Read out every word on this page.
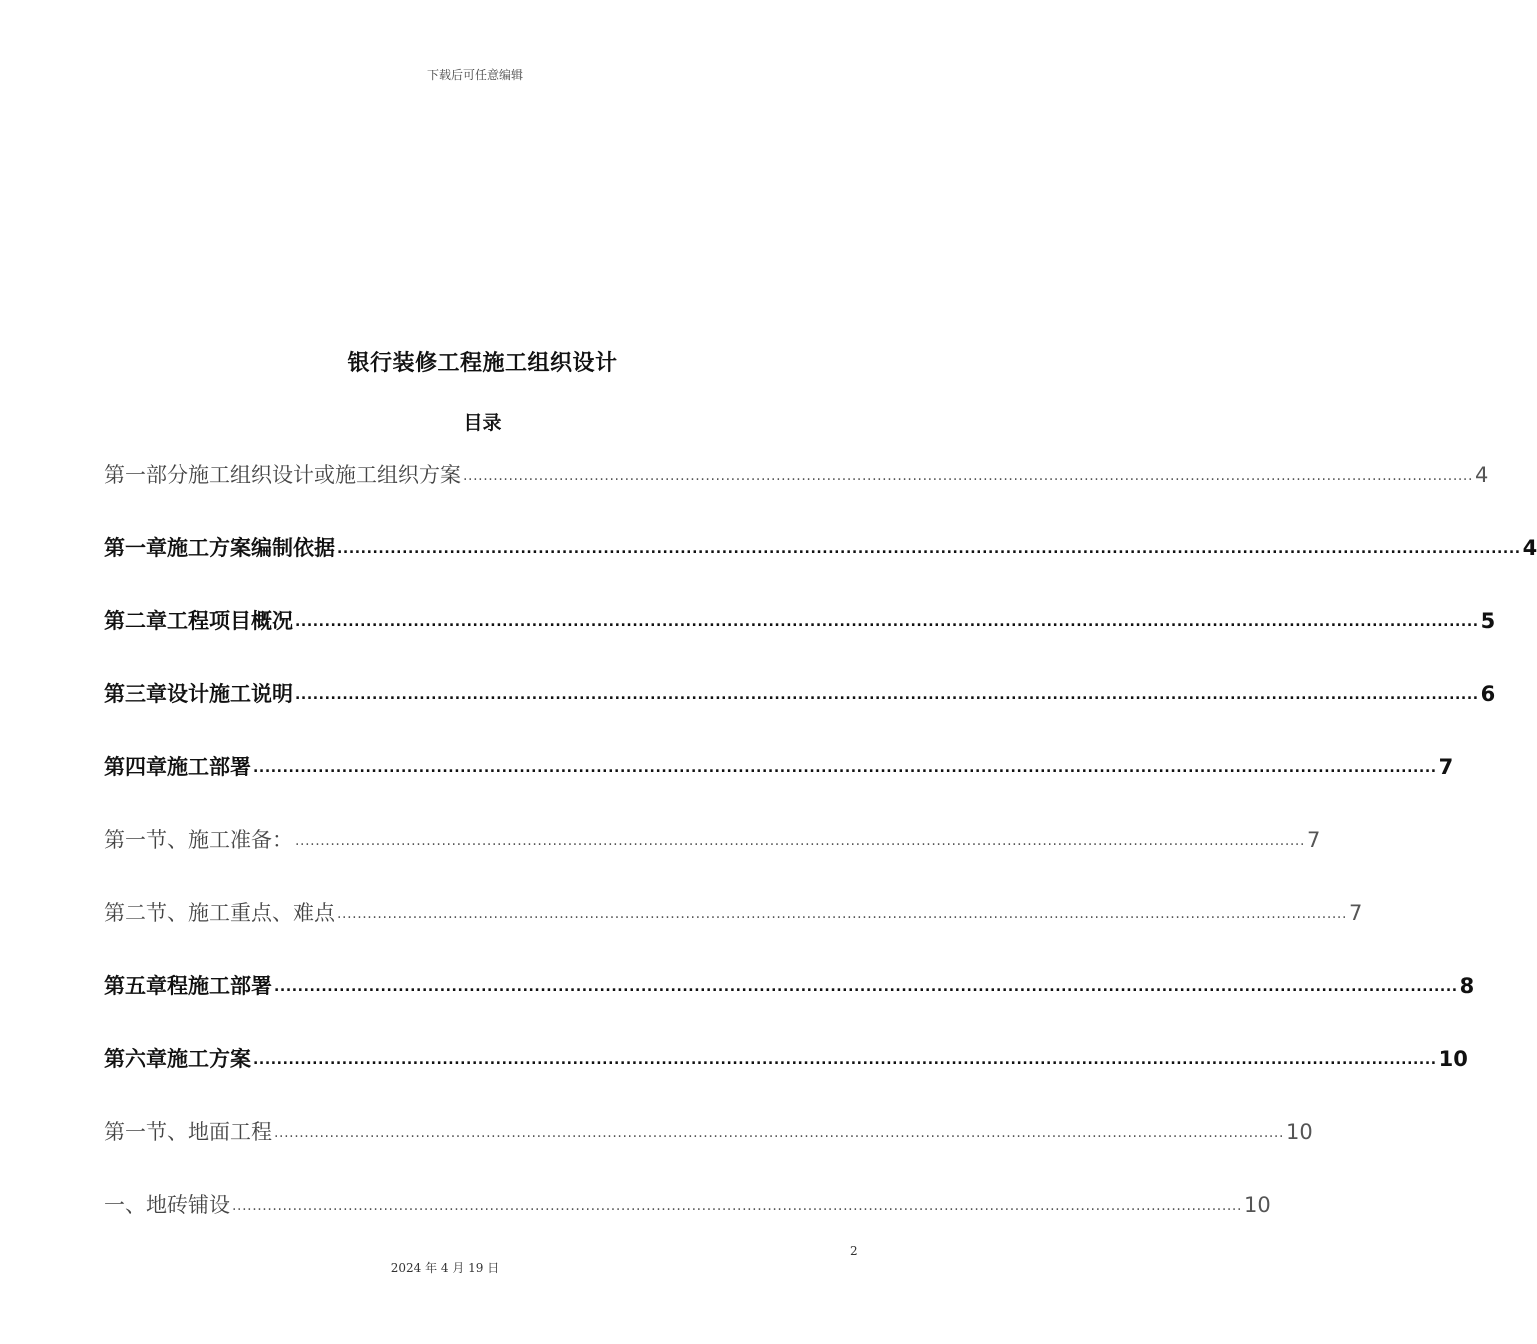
下载后可任意编辑
银行装修工程施工组织设计
目录
第一部分施工组织设计或施工组织方案 ........................................................................................................................................................................................................ 4
第一章施工方案编制依据 ........................................................................................................................................................................................................ 4
第二章工程项目概况 ........................................................................................................................................................................................................ 5
第三章设计施工说明 ........................................................................................................................................................................................................ 6
第四章施工部署 ........................................................................................................................................................................................................ 7
第一节、施工准备： ........................................................................................................................................................................................................ 7
第二节、施工重点、难点 ........................................................................................................................................................................................................ 7
第五章程施工部署 ........................................................................................................................................................................................................ 8
第六章施工方案 ........................................................................................................................................................................................................ 10
第一节、地面工程 ........................................................................................................................................................................................................ 10
一、地砖铺设 ........................................................................................................................................................................................................ 10
2
2024 年 4 月 19 日
